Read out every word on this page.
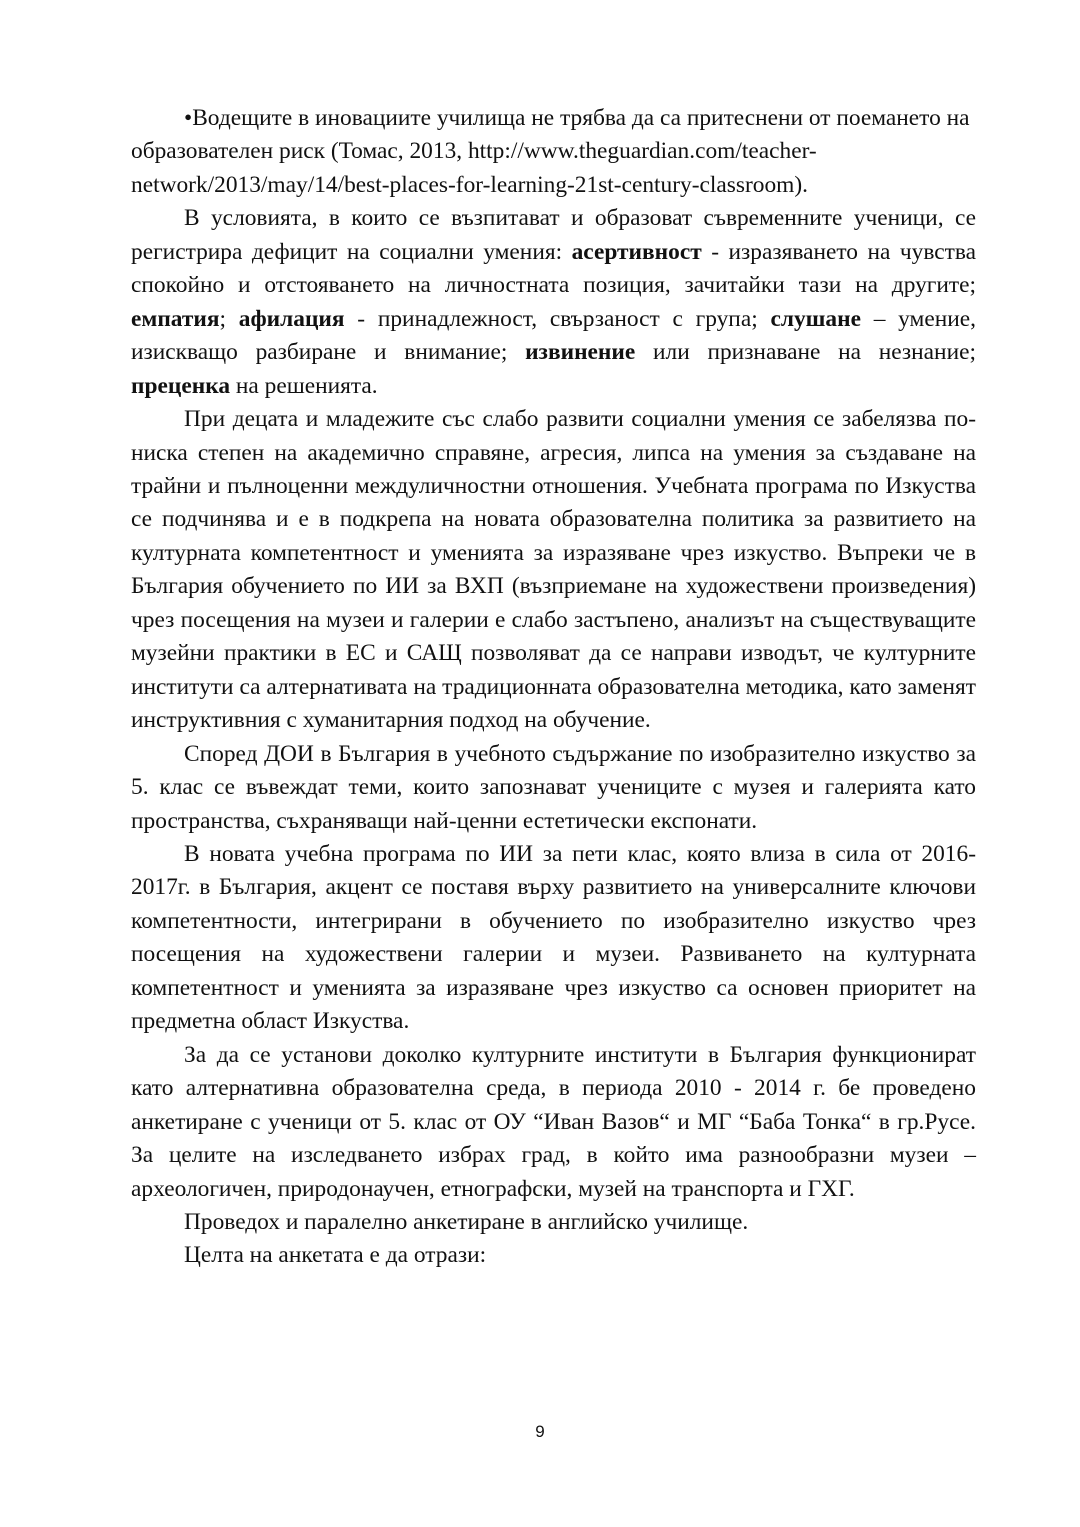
•Водещите в иновациите училища не трябва да са притеснени от поемането на образователен риск (Томас, 2013, http://www.theguardian.com/teacher-network/2013/may/14/best-places-for-learning-21st-century-classroom).

В условията, в които се възпитават и образоват съвременните ученици, се регистрира дефицит на социални умения: асертивност - изразяването на чувства спокойно и отстояването на личностната позиция, зачитайки тази на другите; емпатия; афилация - принадлежност, свързаност с група; слушане – умение, изискващо разбиране и внимание; извинение или признаване на незнание; преценка на решенията.

При децата и младежите със слабо развити социални умения се забелязва по-ниска степен на академично справяне, агресия, липса на умения за създаване на трайни и пълноценни междуличностни отношения. Учебната програма по Изкуства се подчинява и е в подкрепа на новата образователна политика за развитието на културната компетентност и уменията за изразяване чрез изкуство. Въпреки че в България обучението по ИИ за ВХП (възприемане на художествени произведения) чрез посещения на музеи и галерии е слабо застъпено, анализът на съществуващите музейни практики в ЕС и САЩ позволяват да се направи изводът, че културните институти са алтернативата на традиционната образователна методика, като заменят инструктивния с хуманитарния подход на обучение.

Според ДОИ в България в учебното съдържание по изобразително изкуство за 5. клас се въвеждат теми, които запознават учениците с музея и галерията като пространства, съхраняващи най-ценни естетически експонати.

В новата учебна програма по ИИ за пети клас, която влиза в сила от 2016-2017г. в България, акцент се поставя върху развитието на универсалните ключови компетентности, интегрирани в обучението по изобразително изкуство чрез посещения на художествени галерии и музеи. Развиването на културната компетентност и уменията за изразяване чрез изкуство са основен приоритет на предметна област Изкуства.

За да се установи доколко културните институти в България функционират като алтернативна образователна среда, в периода 2010 - 2014 г. бе проведено анкетиране с ученици от 5. клас от ОУ “Иван Вазов“ и МГ “Баба Тонка“ в гр.Русе. За целите на изследването избрах град, в който има разнообразни музеи – археологичен, природонаучен, етнографски, музей на транспорта и ГХГ.

Проведох и паралелно анкетиране в английско училище.

Целта на анкетата е да отрази:

9
